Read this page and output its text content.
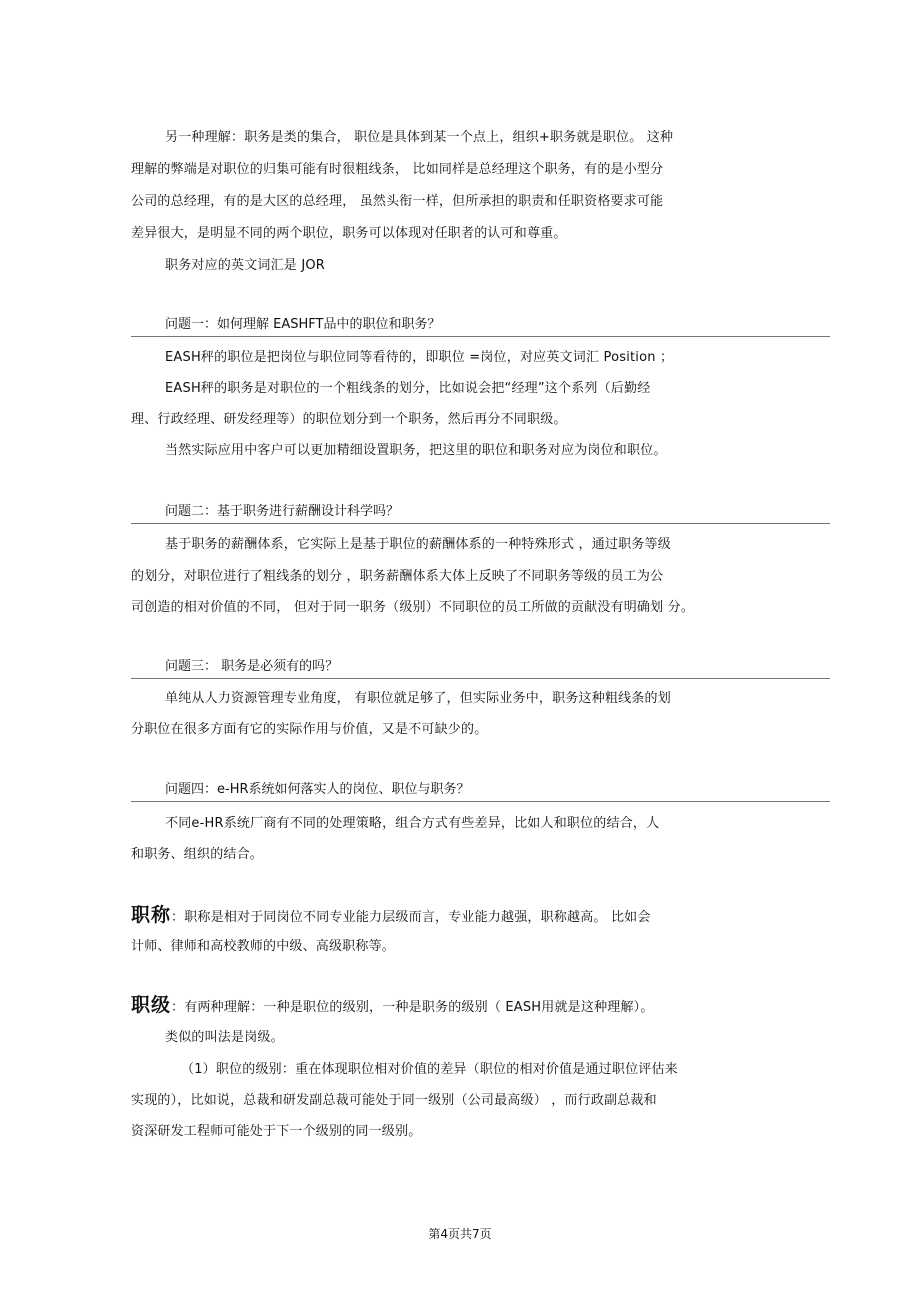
另一种理解：职务是类的集合， 职位是具体到某一个点上，组织+职务就是职位。 这种
理解的弊端是对职位的归集可能有时很粗线条， 比如同样是总经理这个职务，有的是小型分
公司的总经理，有的是大区的总经理， 虽然头衔一样，但所承担的职责和任职资格要求可能
差异很大，是明显不同的两个职位，职务可以体现对任职者的认可和尊重。
职务对应的英文词汇是 JOR
问题一：如何理解 EASHFT品中的职位和职务？
EASH秤的职位是把岗位与职位同等看待的，即职位 =岗位，对应英文词汇 Position ；
EASH秤的职务是对职位的一个粗线条的划分，比如说会把“经理”这个系列（后勤经
理、行政经理、研发经理等）的职位划分到一个职务，然后再分不同职级。
当然实际应用中客户可以更加精细设置职务，把这里的职位和职务对应为岗位和职位。
问题二：基于职务进行薪酬设计科学吗？
基于职务的薪酬体系，它实际上是基于职位的薪酬体系的一种特殊形式 ，通过职务等级
的划分，对职位进行了粗线条的划分 ，职务薪酬体系大体上反映了不同职务等级的员工为公
司创造的相对价值的不同， 但对于同一职务（级别）不同职位的员工所做的贡献没有明确划 分。
问题三： 职务是必须有的吗？
单纯从人力资源管理专业角度， 有职位就足够了，但实际业务中，职务这种粗线条的划
分职位在很多方面有它的实际作用与价值，又是不可缺少的。
问题四：e-HR系统如何落实人的岗位、职位与职务？
不同e-HR系统厂商有不同的处理策略，组合方式有些差异，比如人和职位的结合，人
和职务、组织的结合。
职称：职称是相对于同岗位不同专业能力层级而言，专业能力越强，职称越高。 比如会
计师、律师和高校教师的中级、高级职称等。
职级：有两种理解：一种是职位的级别，一种是职务的级别（ EASH用就是这种理解）。
类似的叫法是岗级。
（1）职位的级别：重在体现职位相对价值的差异（职位的相对价值是通过职位评估来
实现的），比如说，总裁和研发副总裁可能处于同一级别（公司最高级） ，而行政副总裁和
资深研发工程师可能处于下一个级别的同一级别。
第4页共7页
